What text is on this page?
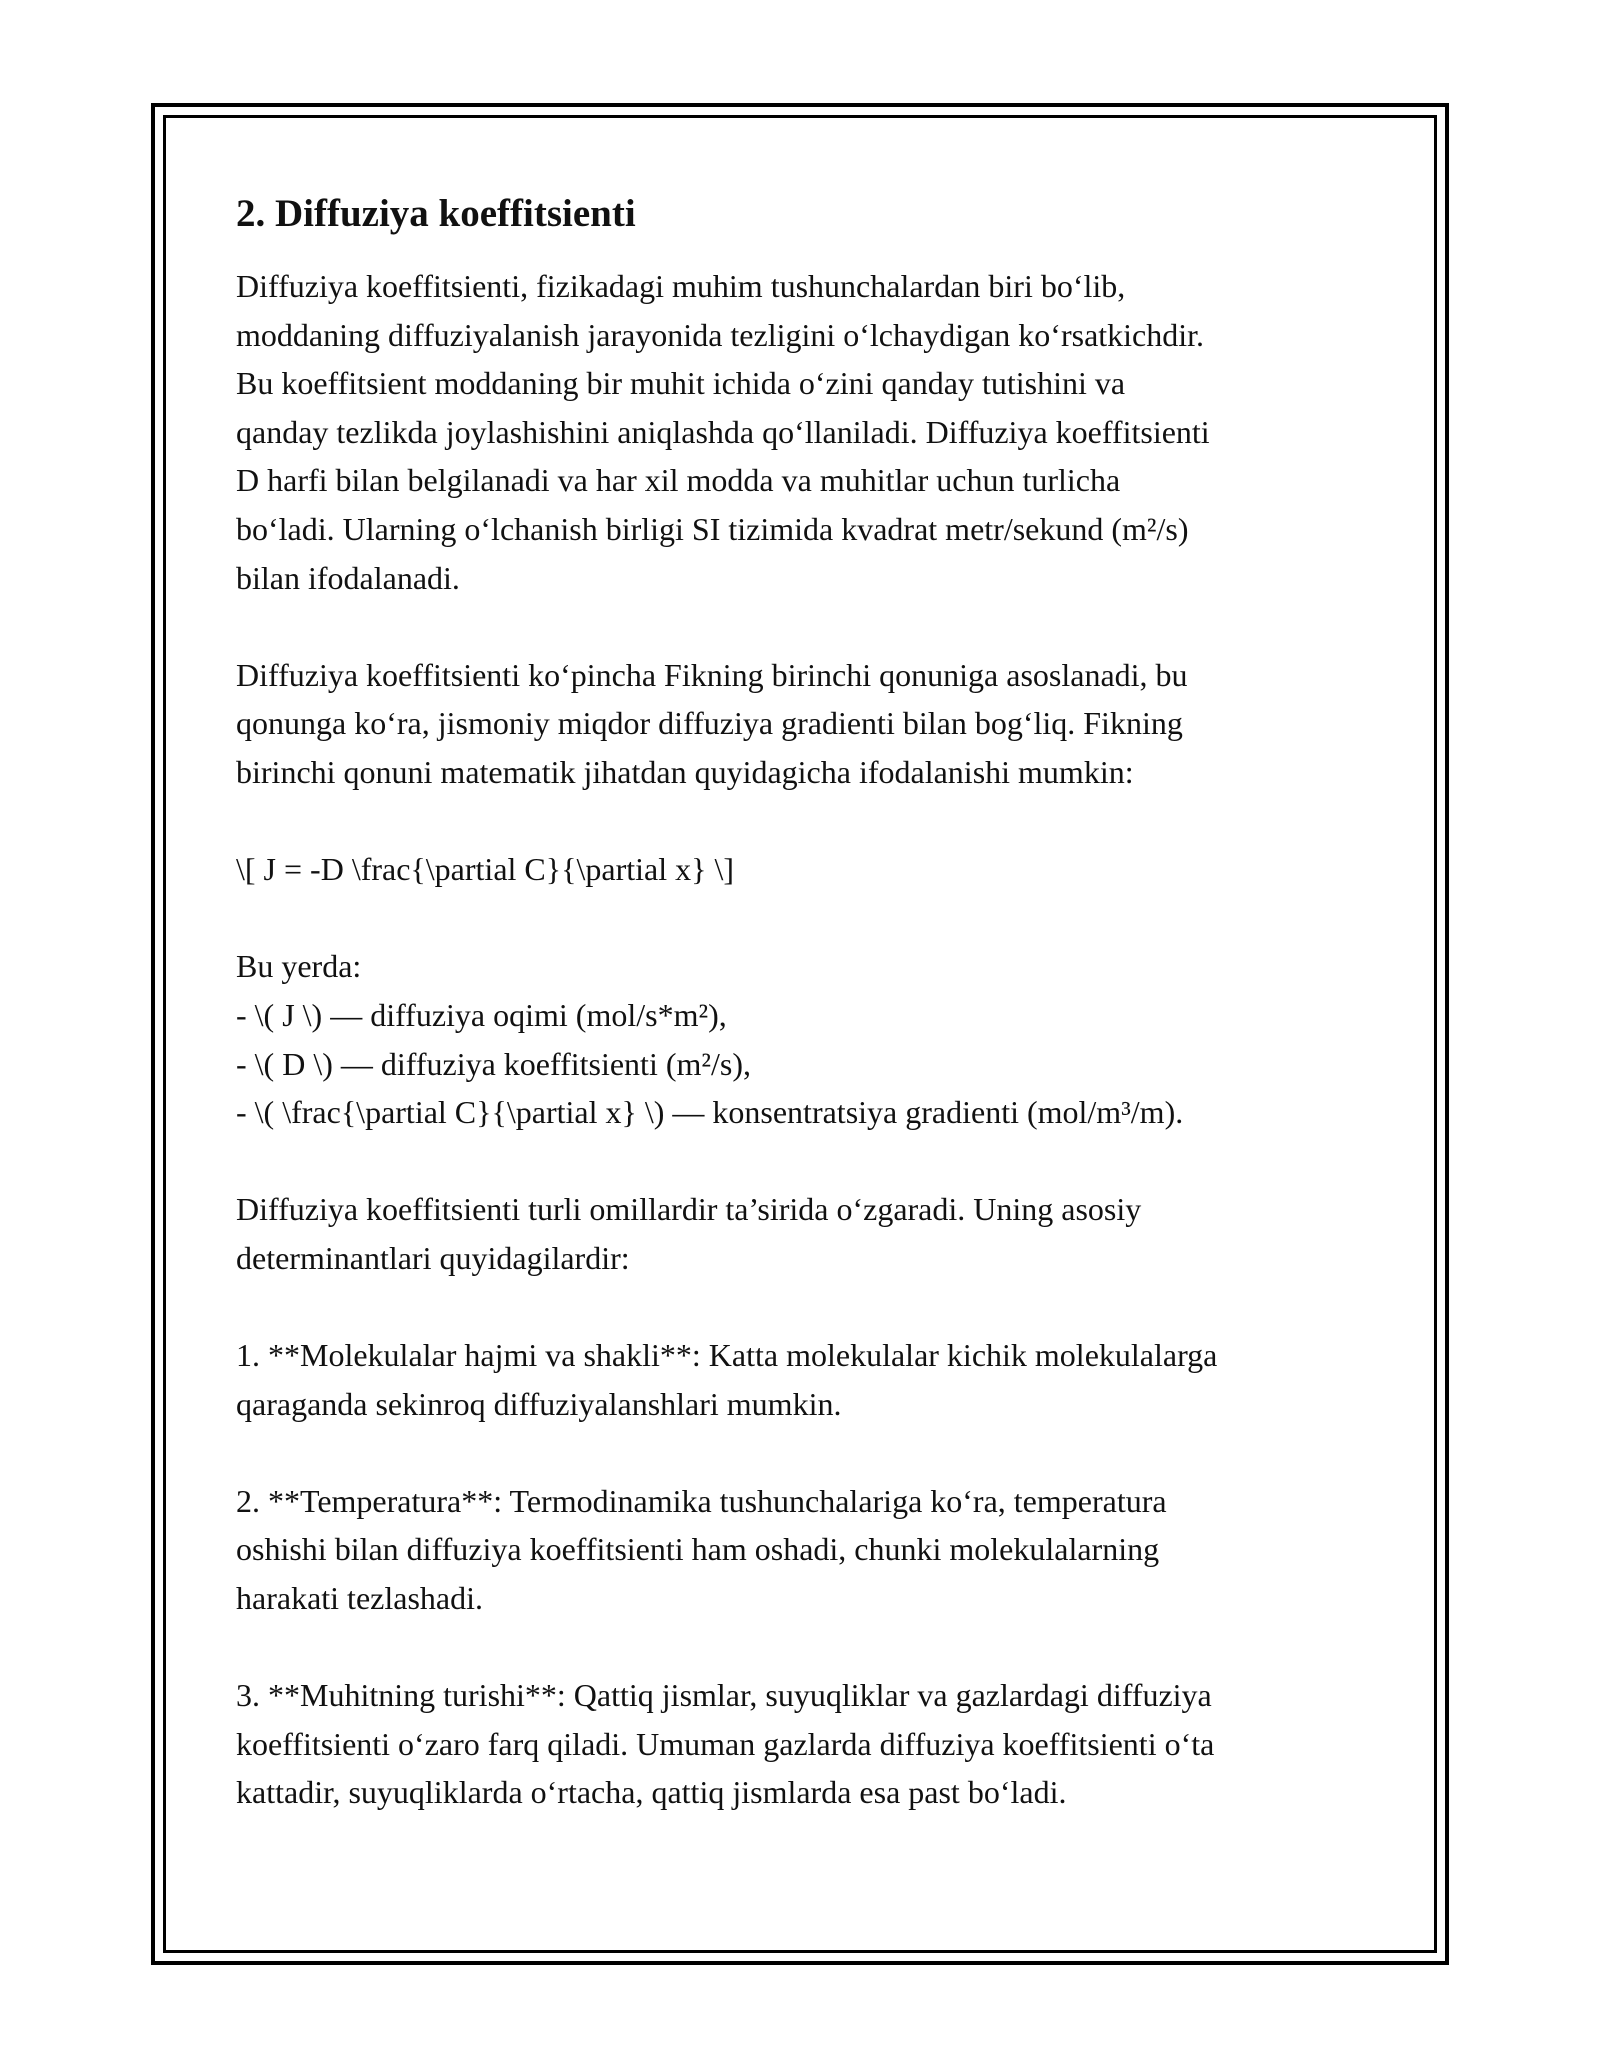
2. Diffuziya koeffitsienti

Diffuziya koeffitsienti, fizikadagi muhim tushunchalardan biri bo‘lib,

moddaning diffuziyalanish jarayonida tezligini o‘lchaydigan ko‘rsatkichdir.

Bu koeffitsient moddaning bir muhit ichida o‘zini qanday tutishini va

qanday tezlikda joylashishini aniqlashda qo‘llaniladi. Diffuziya koeffitsienti

D harfi bilan belgilanadi va har xil modda va muhitlar uchun turlicha

bo‘ladi. Ularning o‘lchanish birligi SI tizimida kvadrat metr/sekund (m²/s)

bilan ifodalanadi.

Diffuziya koeffitsienti ko‘pincha Fikning birinchi qonuniga asoslanadi, bu

qonunga ko‘ra, jismoniy miqdor diffuziya gradienti bilan bog‘liq. Fikning

birinchi qonuni matematik jihatdan quyidagicha ifodalanishi mumkin:

\[ J = -D \frac{\partial C}{\partial x} \]

Bu yerda:

- \( J \) — diffuziya oqimi (mol/s*m²),

- \( D \) — diffuziya koeffitsienti (m²/s),

- \( \frac{\partial C}{\partial x} \) — konsentratsiya gradienti (mol/m³/m).

Diffuziya koeffitsienti turli omillardir ta’sirida o‘zgaradi. Uning asosiy

determinantlari quyidagilardir:

1. **Molekulalar hajmi va shakli**: Katta molekulalar kichik molekulalarga

qaraganda sekinroq diffuziyalanshlari mumkin.

2. **Temperatura**: Termodinamika tushunchalariga ko‘ra, temperatura

oshishi bilan diffuziya koeffitsienti ham oshadi, chunki molekulalarning

harakati tezlashadi.

3. **Muhitning turishi**: Qattiq jismlar, suyuqliklar va gazlardagi diffuziya

koeffitsienti o‘zaro farq qiladi. Umuman gazlarda diffuziya koeffitsienti o‘ta

kattadir, suyuqliklarda o‘rtacha, qattiq jismlarda esa past bo‘ladi.
